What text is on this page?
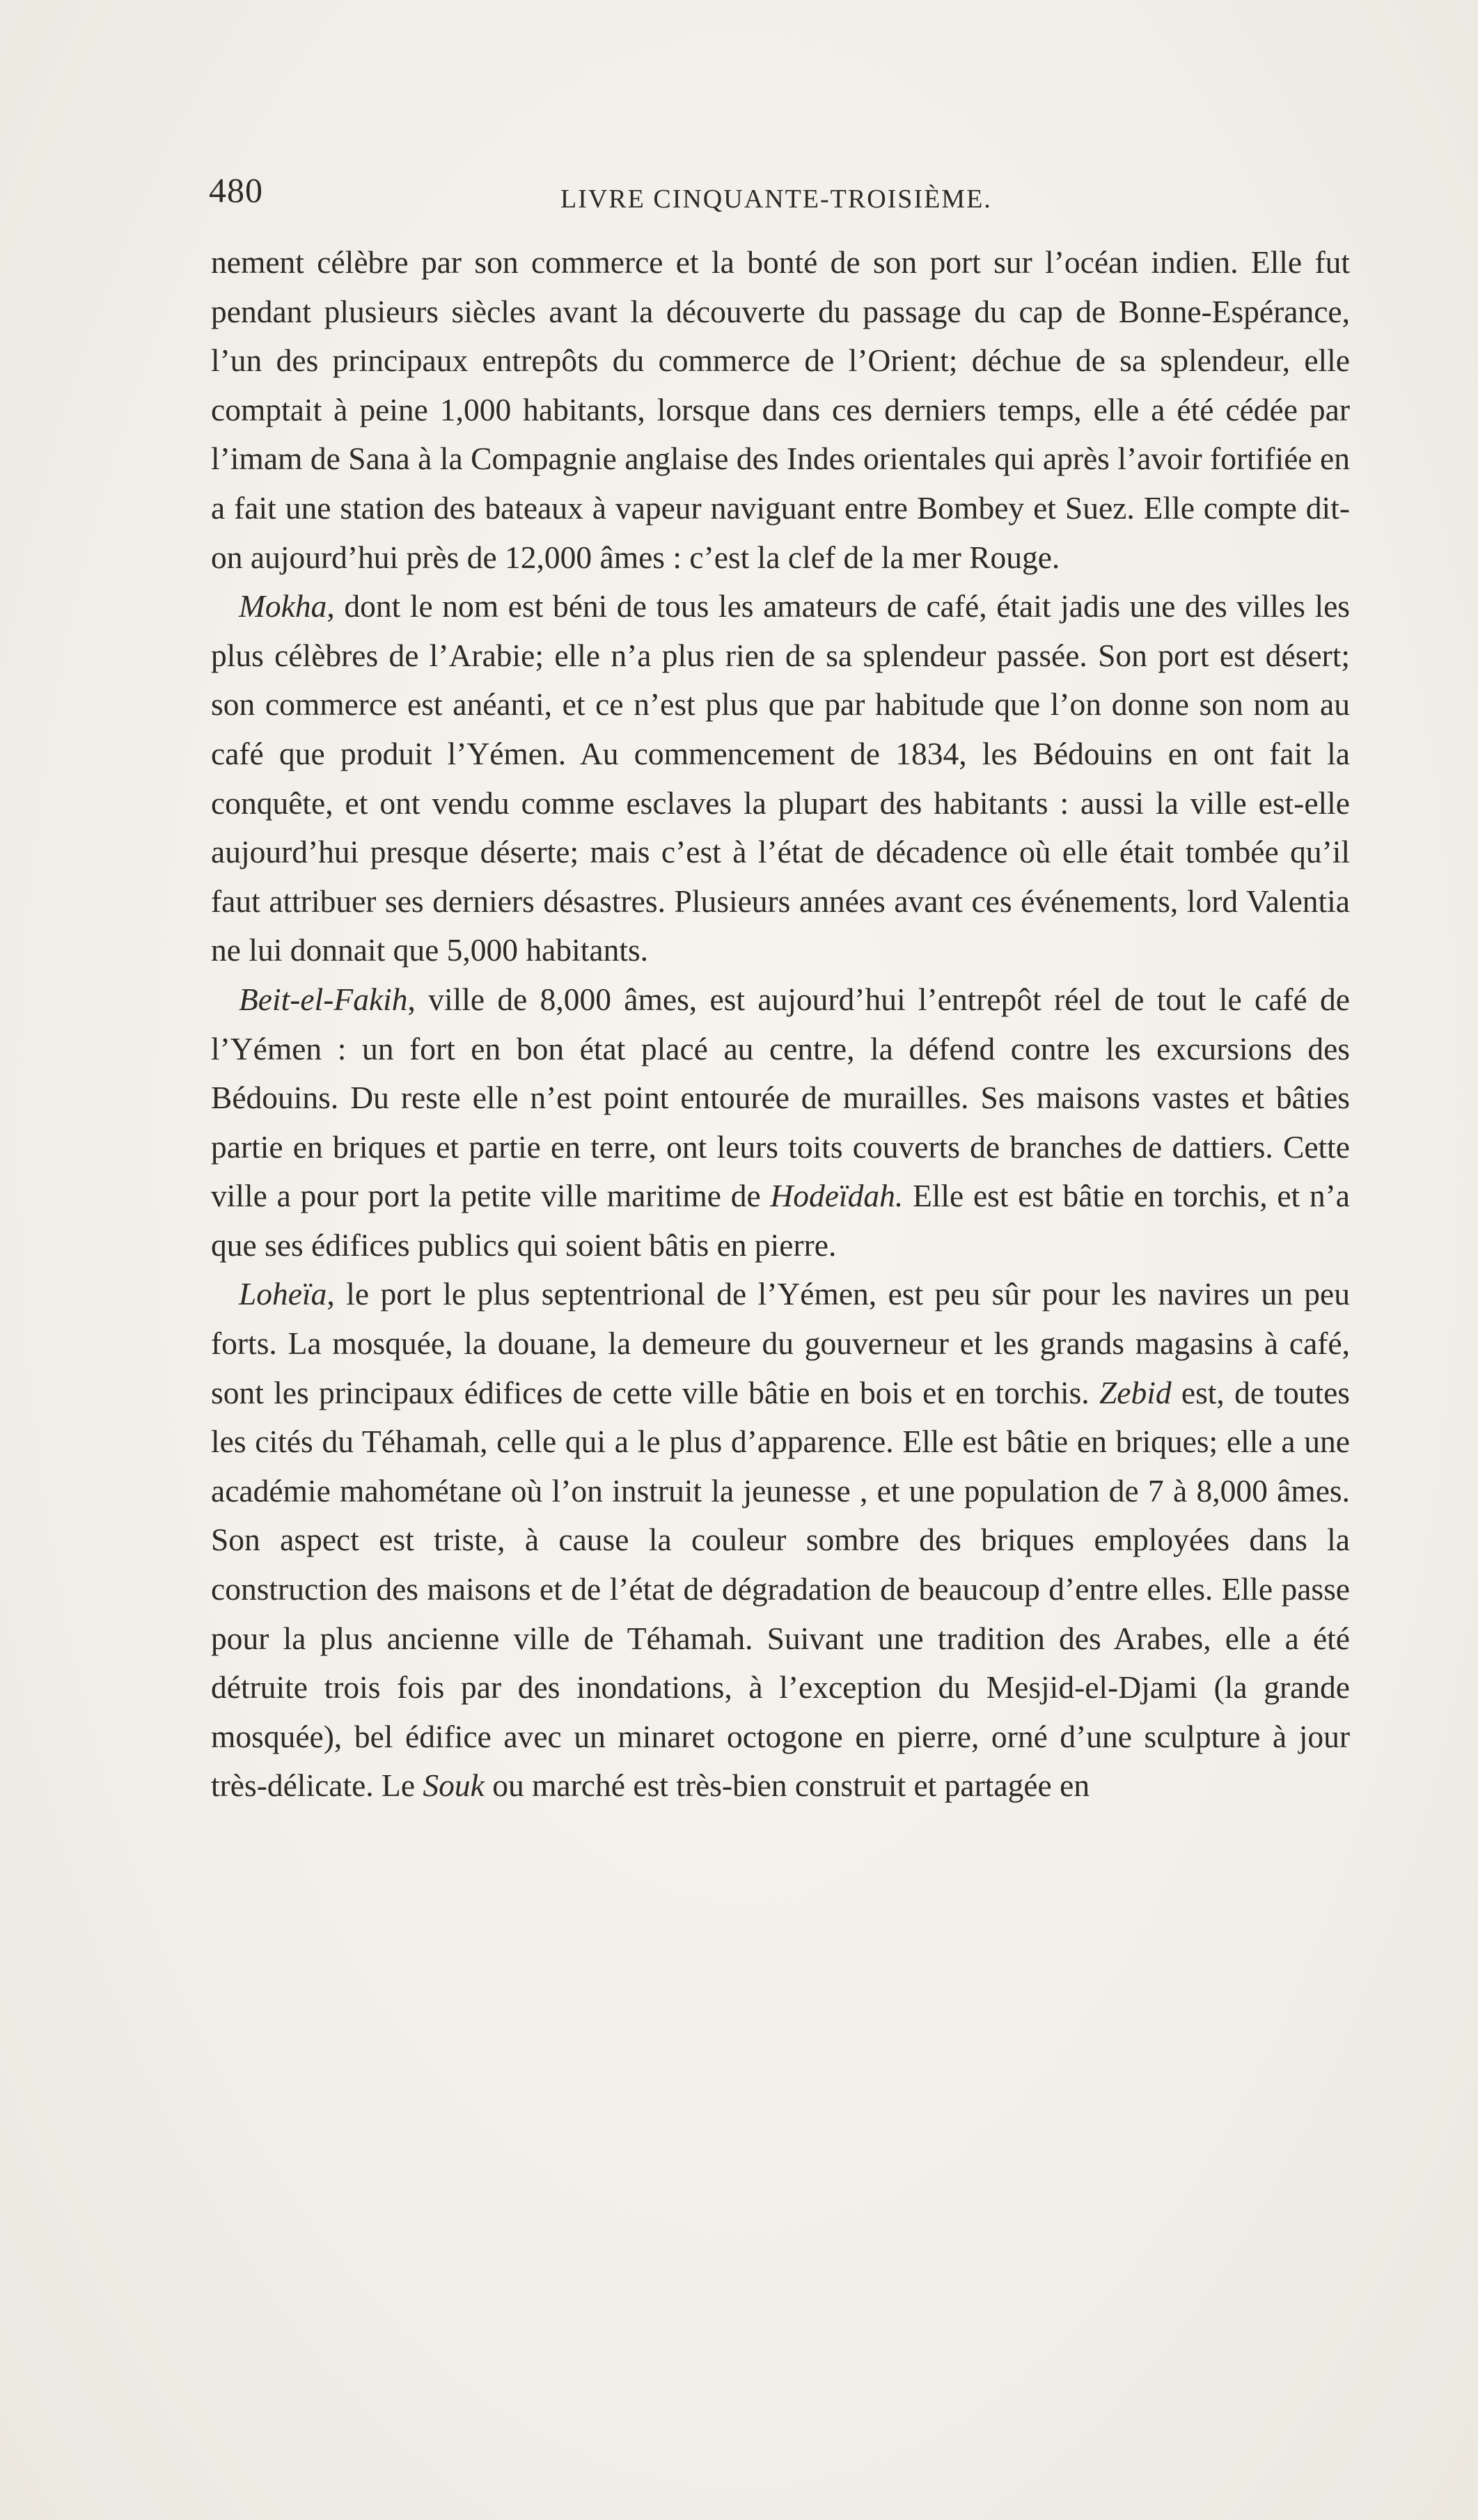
480	LIVRE CINQUANTE-TROISIÈME.

nement célèbre par son commerce et la bonté de son port sur l’océan indien. Elle fut pendant plusieurs siècles avant la découverte du passage du cap de Bonne-Espérance, l’un des principaux entrepôts du commerce de l’Orient; déchue de sa splendeur, elle comptait à peine 1,000 habitants, lorsque dans ces derniers temps, elle a été cédée par l’imam de Sana à la Compagnie anglaise des Indes orientales qui après l’avoir fortifiée en a fait une station des bateaux à vapeur naviguant entre Bombey et Suez. Elle compte dit-on aujourd’hui près de 12,000 âmes : c’est la clef de la mer Rouge.

Mokha, dont le nom est béni de tous les amateurs de café, était jadis une des villes les plus célèbres de l’Arabie; elle n’a plus rien de sa splendeur passée. Son port est désert; son commerce est anéanti, et ce n’est plus que par habitude que l’on donne son nom au café que produit l’Yémen. Au commencement de 1834, les Bédouins en ont fait la conquête, et ont vendu comme esclaves la plupart des habitants : aussi la ville est-elle aujourd’hui presque déserte; mais c’est à l’état de décadence où elle était tombée qu’il faut attribuer ses derniers désastres. Plusieurs années avant ces événements, lord Valentia ne lui donnait que 5,000 habitants.

Beit-el-Fakih, ville de 8,000 âmes, est aujourd’hui l’entrepôt réel de tout le café de l’Yémen : un fort en bon état placé au centre, la défend contre les excursions des Bédouins. Du reste elle n’est point entourée de murailles. Ses maisons vastes et bâties partie en briques et partie en terre, ont leurs toits couverts de branches de dattiers. Cette ville a pour port la petite ville maritime de Hodeïdah. Elle est est bâtie en torchis, et n’a que ses édifices publics qui soient bâtis en pierre.

Loheïa, le port le plus septentrional de l’Yémen, est peu sûr pour les navires un peu forts. La mosquée, la douane, la demeure du gouverneur et les grands magasins à café, sont les principaux édifices de cette ville bâtie en bois et en torchis. Zebid est, de toutes les cités du Téhamah, celle qui a le plus d’apparence. Elle est bâtie en briques; elle a une académie mahométane où l’on instruit la jeunesse , et une population de 7 à 8,000 âmes. Son aspect est triste, à cause la couleur sombre des briques employées dans la construction des maisons et de l’état de dégradation de beaucoup d’entre elles. Elle passe pour la plus ancienne ville de Téhamah. Suivant une tradition des Arabes, elle a été détruite trois fois par des inondations, à l’exception du Mesjid-el-Djami (la grande mosquée), bel édifice avec un minaret octogone en pierre, orné d’une sculpture à jour très-délicate. Le Souk ou marché est très-bien construit et partagée en
